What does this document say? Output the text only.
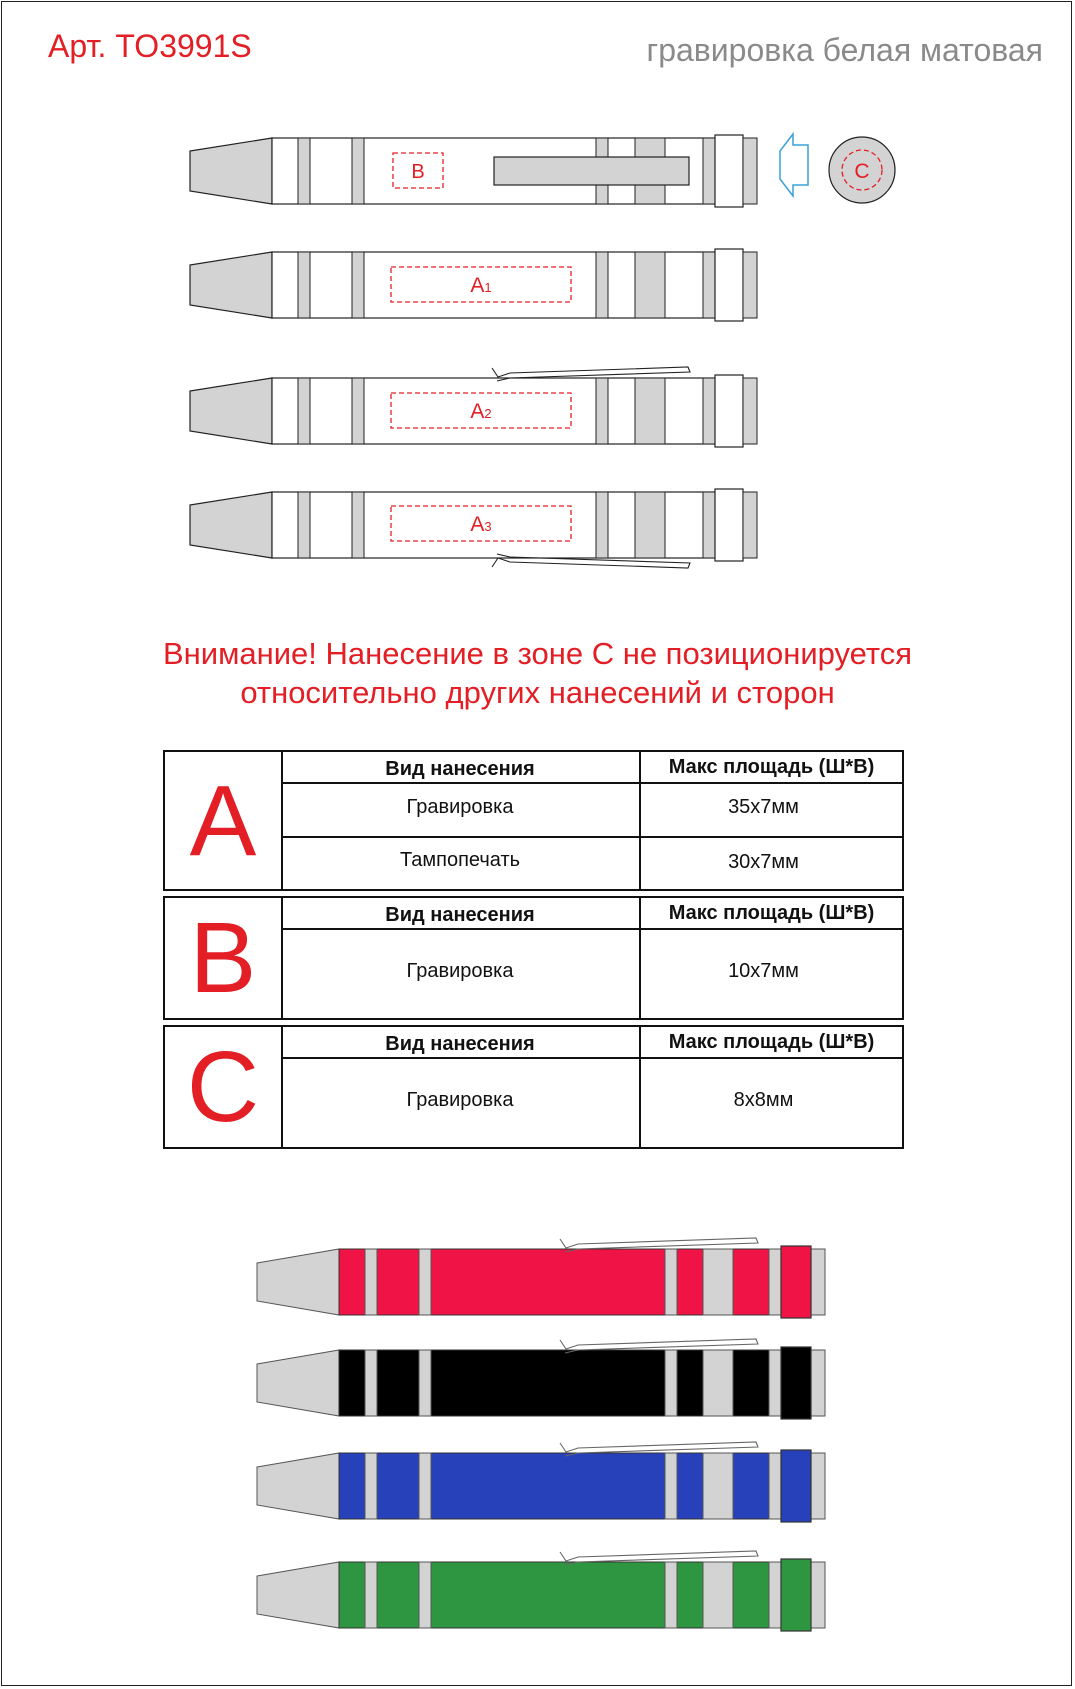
Арт. TO3991S	гравировка белая матовая
B	C
A1
A2
A3
Внимание! Нанесение в зоне С не позиционируется
относительно других нанесений и сторон
A	Вид нанесения	Макс площадь (Ш*В)
Гравировка	35x7мм
Тампопечать	30x7мм
B	Вид нанесения	Макс площадь (Ш*В)
Гравировка	10x7мм
C	Вид нанесения	Макс площадь (Ш*В)
Гравировка	8x8мм
